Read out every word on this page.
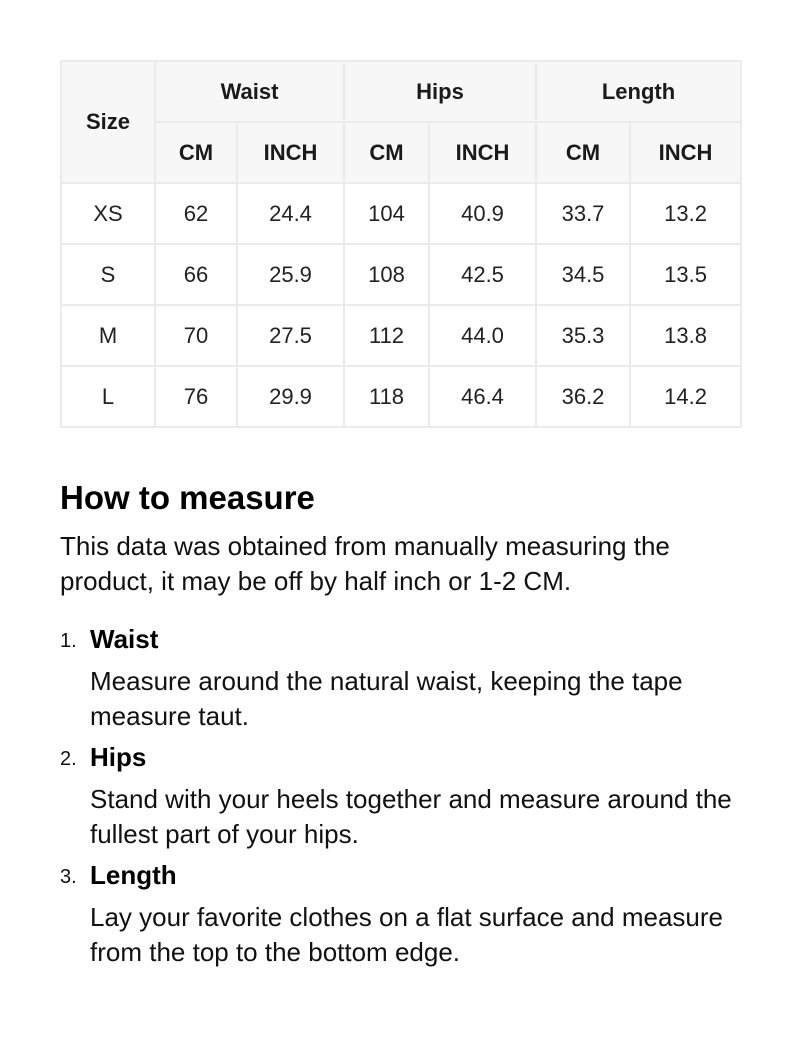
Size	Waist		Hips		Length	
	CM	INCH	CM	INCH	CM	INCH
XS	62	24.4	104	40.9	33.7	13.2
S	66	25.9	108	42.5	34.5	13.5
M	70	27.5	112	44.0	35.3	13.8
L	76	29.9	118	46.4	36.2	14.2
How to measure

This data was obtained from manually measuring the product, it may be off by half inch or 1-2 CM.

1. Waist
Measure around the natural waist, keeping the tape measure taut.
2. Hips
Stand with your heels together and measure around the fullest part of your hips.
3. Length
Lay your favorite clothes on a flat surface and measure from the top to the bottom edge.
